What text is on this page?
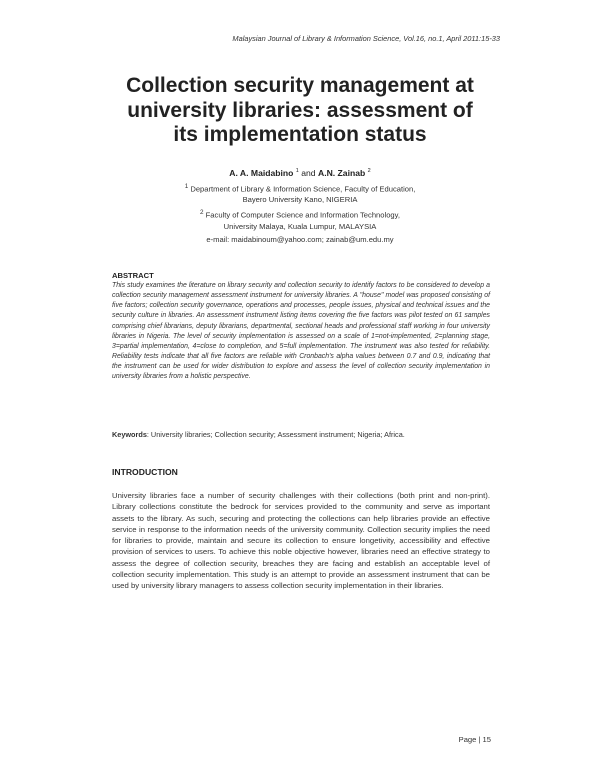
Malaysian Journal of Library & Information Science, Vol.16, no.1, April 2011:15-33
Collection security management at
university libraries: assessment of
its implementation status
A. A. Maidabino $^1$ and A.N. Zainab $^2$
$^1$ Department of Library & Information Science, Faculty of Education,
Bayero University Kano, NIGERIA
$^2$ Faculty of Computer Science and Information Technology,
University Malaya, Kuala Lumpur, MALAYSIA
e-mail: maidabinoum@yahoo.com; zainab@um.edu.my
ABSTRACT
This study examines the literature on library security and collection security to identify factors to be considered to develop a collection security management assessment instrument for university libraries. A "house" model was proposed consisting of five factors; collection security governance, operations and processes, people issues, physical and technical issues and the security culture in libraries. An assessment instrument listing items covering the five factors was pilot tested on 61 samples comprising chief librarians, deputy librarians, departmental, sectional heads and professional staff working in four university libraries in Nigeria. The level of security implementation is assessed on a scale of 1=not-implemented, 2=planning stage, 3=partial implementation, 4=close to completion, and 5=full implementation. The instrument was also tested for reliability. Reliability tests indicate that all five factors are reliable with Cronbach's alpha values between 0.7 and 0.9, indicating that the instrument can be used for wider distribution to explore and assess the level of collection security implementation in university libraries from a holistic perspective.
Keywords: University libraries; Collection security; Assessment instrument; Nigeria; Africa.
INTRODUCTION
University libraries face a number of security challenges with their collections (both print and non-print). Library collections constitute the bedrock for services provided to the community and serve as important assets to the library. As such, securing and protecting the collections can help libraries provide an effective service in response to the information needs of the university community. Collection security implies the need for libraries to provide, maintain and secure its collection to ensure longetivity, accessibility and effective provision of services to users. To achieve this noble objective however, libraries need an effective strategy to assess the degree of collection security, breaches they are facing and establish an acceptable level of collection security implementation. This study is an attempt to provide an assessment instrument that can be used by university library managers to assess collection security implementation in their libraries.
Page | 15
